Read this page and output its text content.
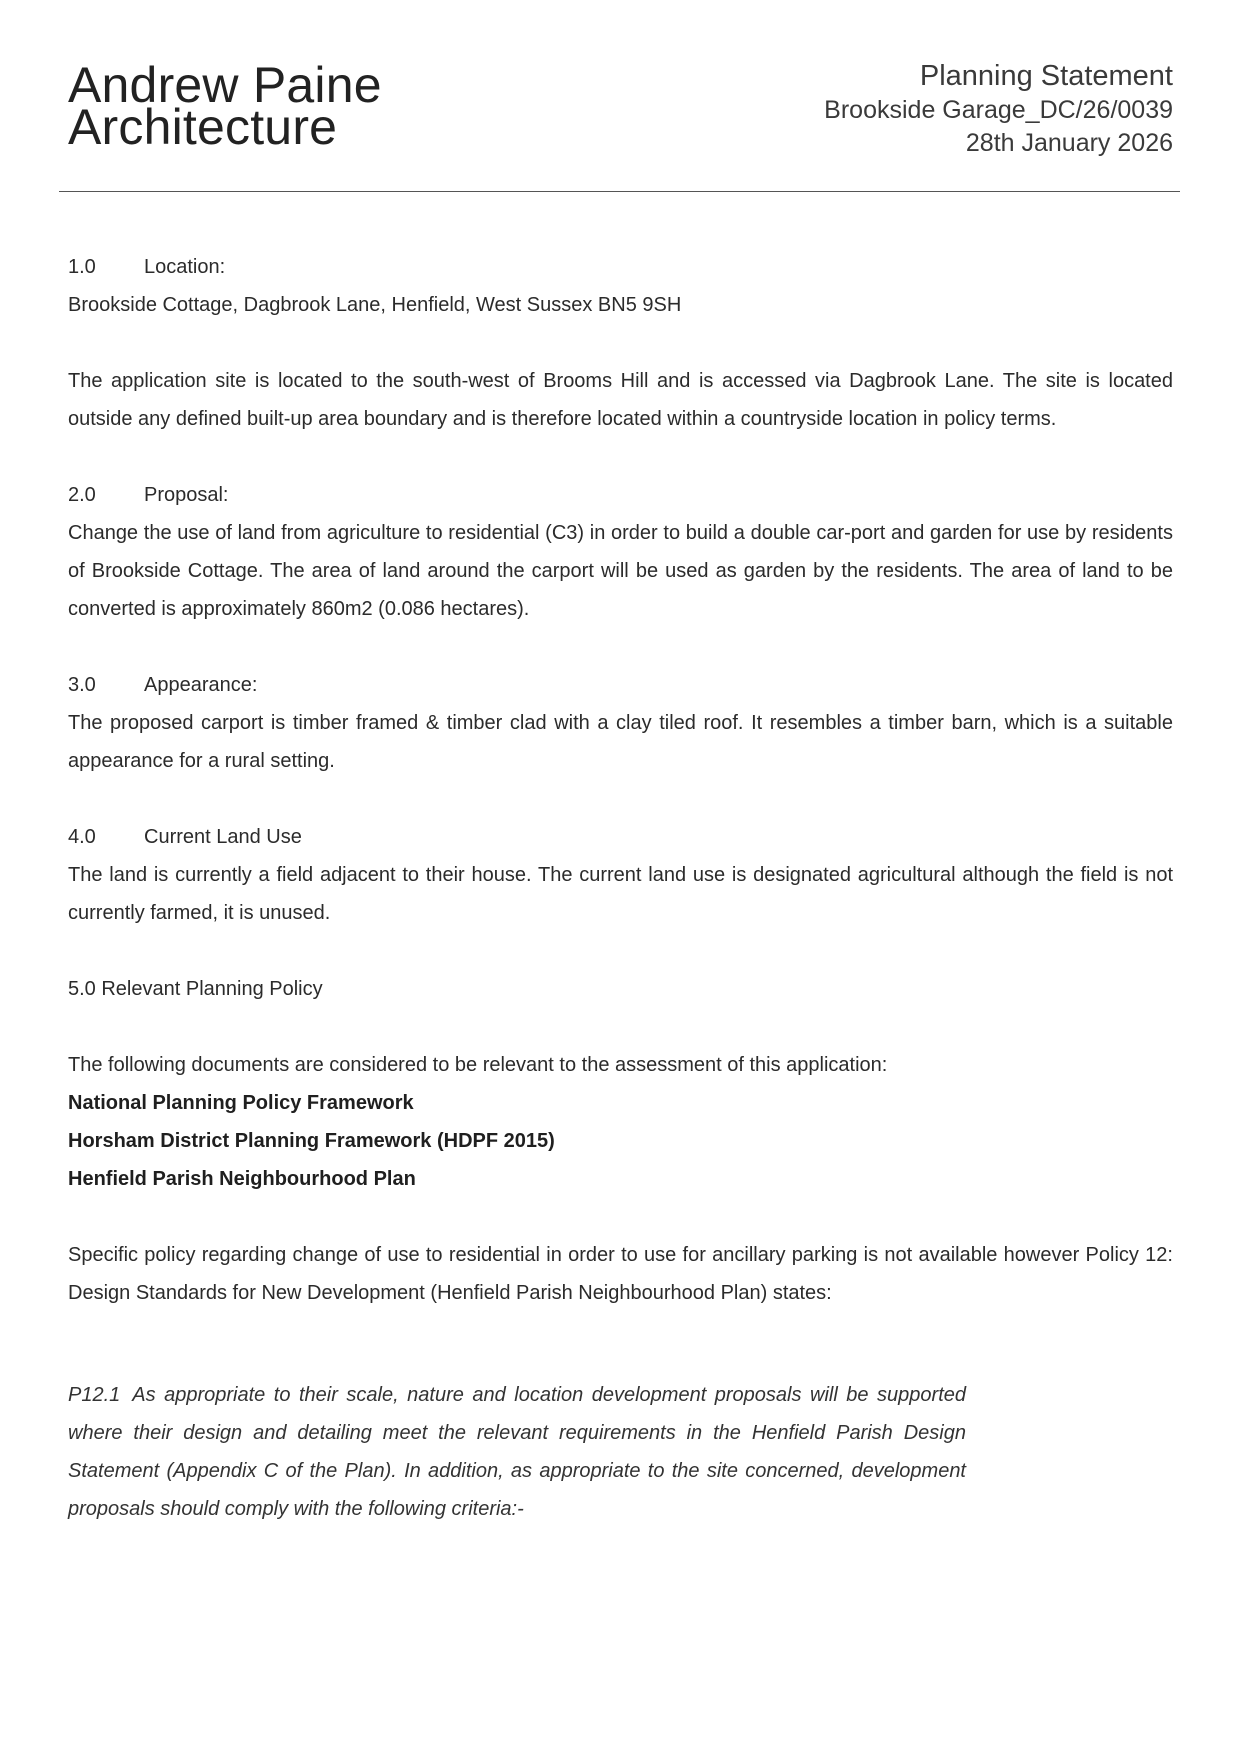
Andrew Paine
Architecture
Planning Statement
Brookside Garage_DC/26/0039
28th January 2026
1.0	Location:

Brookside Cottage, Dagbrook Lane, Henfield, West Sussex BN5 9SH

The application site is located to the south-west of Brooms Hill and is accessed via Dagbrook Lane. The site is located outside any defined built-up area boundary and is therefore located within a countryside location in policy terms.

2.0	Proposal:

Change the use of land from agriculture to residential (C3) in order to build a double car-port and garden for use by residents of Brookside Cottage. The area of land around the carport will be used as garden by the residents. The area of land to be converted is approximately 860m2 (0.086 hectares).

3.0	Appearance:

The proposed carport is timber framed & timber clad with a clay tiled roof. It resembles a timber barn, which is a suitable appearance for a rural setting.

4.0	Current Land Use

The land is currently a field adjacent to their house. The current land use is designated agricultural although the field is not currently farmed, it is unused.

5.0 Relevant Planning Policy

The following documents are considered to be relevant to the assessment of this application:

National Planning Policy Framework

Horsham District Planning Framework (HDPF 2015)

Henfield Parish Neighbourhood Plan

Specific policy regarding change of use to residential in order to use for ancillary parking is not available however Policy 12: Design Standards for New Development (Henfield Parish Neighbourhood Plan) states:

P12.1 As appropriate to their scale, nature and location development proposals will be supported where their design and detailing meet the relevant requirements in the Henfield Parish Design Statement (Appendix C of the Plan). In addition, as appropriate to the site concerned, development proposals should comply with the following criteria:-
